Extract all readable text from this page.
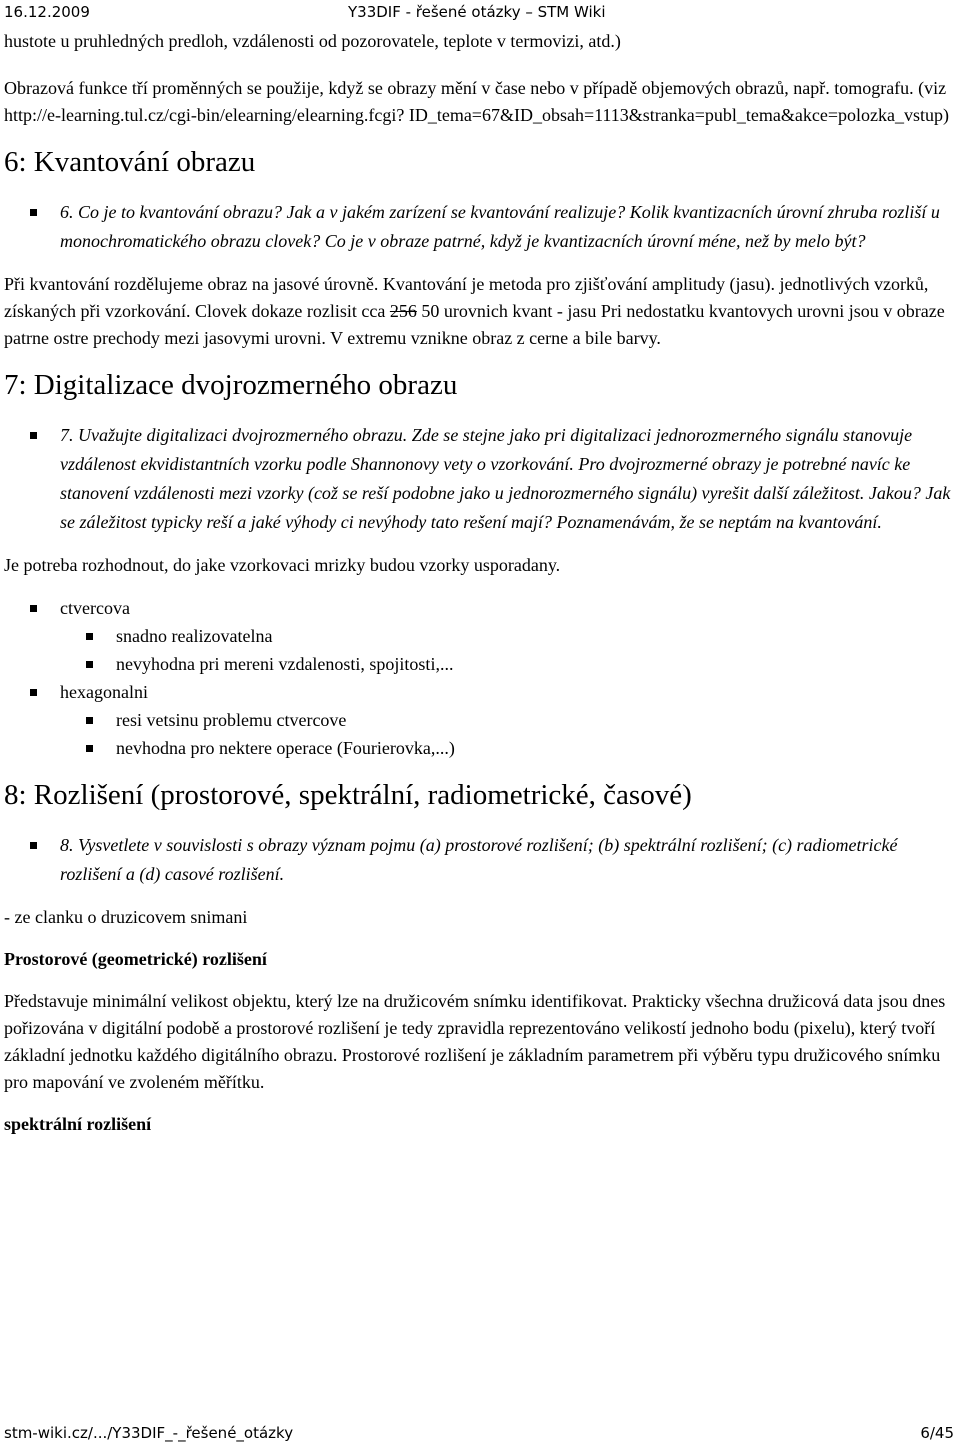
16.12.2009	Y33DIF - řešené otázky – STM Wiki

hustote u pruhledných predloh, vzdálenosti od pozorovatele, teplote v termovizi, atd.)

Obrazová funkce tří proměnných se použije, když se obrazy mění v čase nebo v případě objemových obrazů, např. tomografu. (viz http://e-learning.tul.cz/cgi-bin/elearning/elearning.fcgi? ID_tema=67&ID_obsah=1113&stranka=publ_tema&akce=polozka_vstup)

6: Kvantování obrazu
6. Co je to kvantování obrazu? Jak a v jakém zarízení se kvantování realizuje? Kolik kvantizacních úrovní zhruba rozliší u monochromatického obrazu clovek? Co je v obraze patrné, když je kvantizacních úrovní méne, než by melo být?

Při kvantování rozdělujeme obraz na jasové úrovně. Kvantování je metoda pro zjišťování amplitudy (jasu). jednotlivých vzorků, získaných při vzorkování. Clovek dokaze rozlisit cca 256 50 urovnich kvant - jasu Pri nedostatku kvantovych urovni jsou v obraze patrne ostre prechody mezi jasovymi urovni. V extremu vznikne obraz z cerne a bile barvy.

7: Digitalizace dvojrozmerného obrazu
7. Uvažujte digitalizaci dvojrozmerného obrazu. Zde se stejne jako pri digitalizaci jednorozmerného signálu stanovuje vzdálenost ekvidistantních vzorku podle Shannonovy vety o vzorkování. Pro dvojrozmerné obrazy je potrebné navíc ke stanovení vzdálenosti mezi vzorky (což se reší podobne jako u jednorozmerného signálu) vyrešit další záležitost. Jakou? Jak se záležitost typicky reší a jaké výhody ci nevýhody tato rešení mají? Poznamenávám, že se neptám na kvantování.

Je potreba rozhodnout, do jake vzorkovaci mrizky budou vzorky usporadany.

ctvercova
snadno realizovatelna
nevyhodna pri mereni vzdalenosti, spojitosti,...
hexagonalni
resi vetsinu problemu ctvercove
nevhodna pro nektere operace (Fourierovka,...)
8: Rozlišení (prostorové, spektrální, radiometrické, časové)
8. Vysvetlete v souvislosti s obrazy význam pojmu (a) prostorové rozlišení; (b) spektrální rozlišení; (c) radiometrické rozlišení a (d) casové rozlišení.

- ze clanku o druzicovem snimani

Prostorové (geometrické) rozlišení

Představuje minimální velikost objektu, který lze na družicovém snímku identifikovat. Prakticky všechna družicová data jsou dnes pořizována v digitální podobě a prostorové rozlišení je tedy zpravidla reprezentováno velikostí jednoho bodu (pixelu), který tvoří základní jednotku každého digitálního obrazu. Prostorové rozlišení je základním parametrem při výběru typu družicového snímku pro mapování ve zvoleném měřítku.

spektrální rozlišení

stm-wiki.cz/.../Y33DIF_-_řešené_otázky	6/45
